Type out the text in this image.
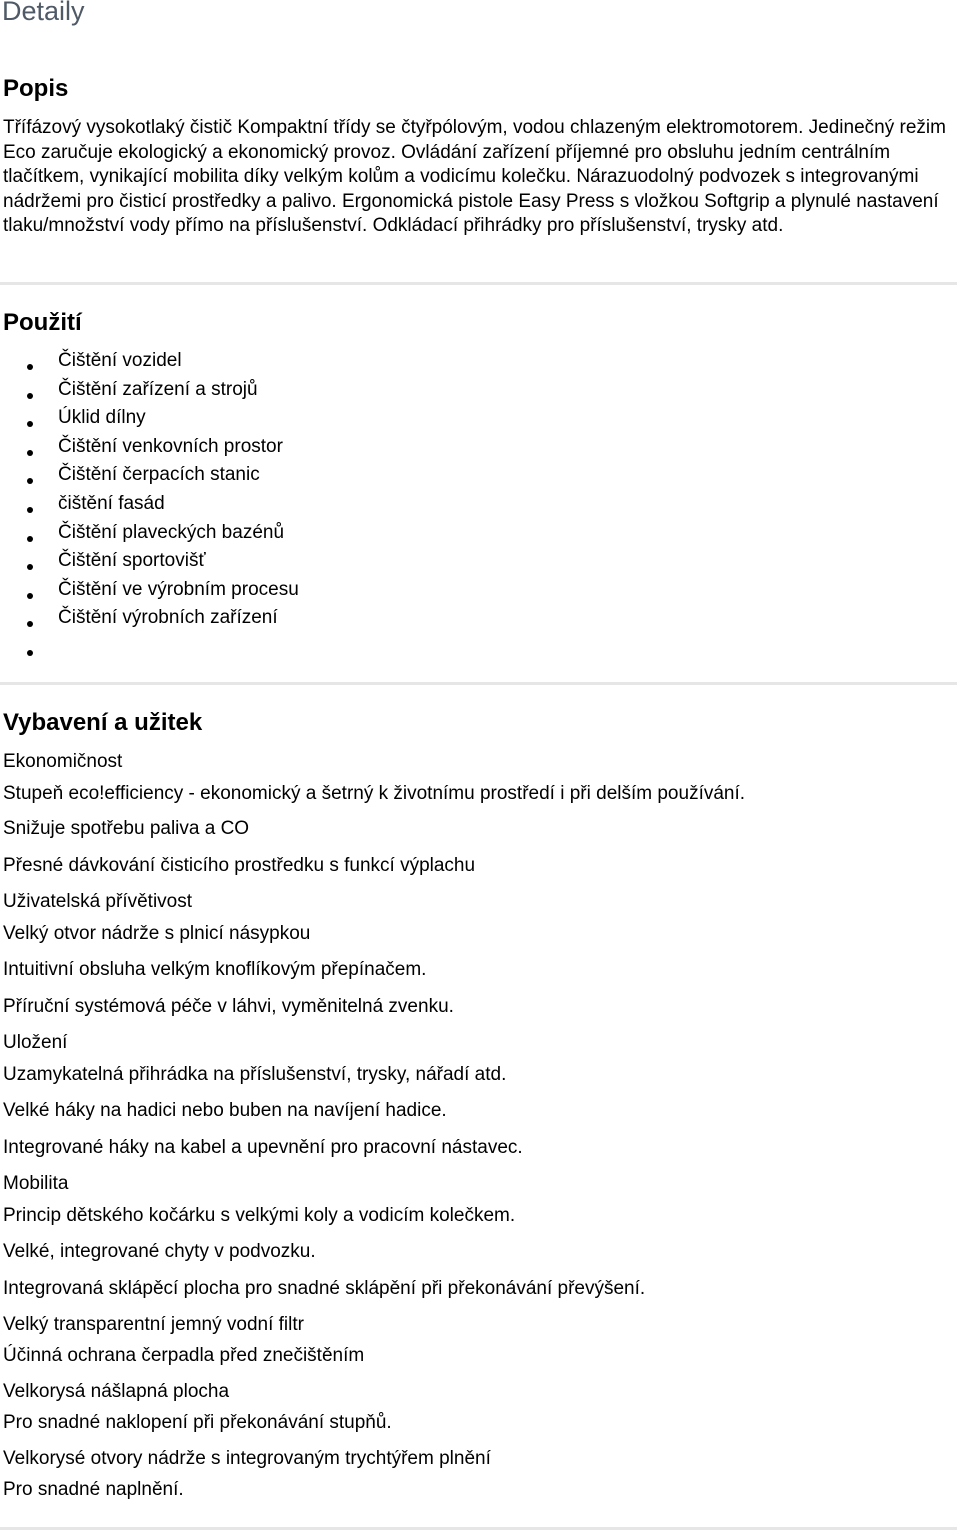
Detaily
Popis

Třífázový vysokotlaký čistič Kompaktní třídy se čtyřpólovým, vodou chlazeným elektromotorem. Jedinečný režim Eco zaručuje ekologický a ekonomický provoz. Ovládání zařízení příjemné pro obsluhu jedním centrálním tlačítkem, vynikající mobilita díky velkým kolům a vodicímu kolečku. Nárazuodolný podvozek s integrovanými nádržemi pro čisticí prostředky a palivo. Ergonomická pistole Easy Press s vložkou Softgrip a plynulé nastavení tlaku/množství vody přímo na příslušenství. Odkládací přihrádky pro příslušenství, trysky atd.

Použití
Čištění vozidel
Čištění zařízení a strojů
Úklid dílny
Čištění venkovních prostor
Čištění čerpacích stanic
čištění fasád
Čištění plaveckých bazénů
Čištění sportovišť
Čištění ve výrobním procesu
Čištění výrobních zařízení
Vybavení a užitek
Ekonomičnost
Stupeň eco!efficiency - ekonomický a šetrný k životnímu prostředí i při delším používání.
Snižuje spotřebu paliva a CO
Přesné dávkování čisticího prostředku s funkcí výplachu
Uživatelská přívětivost
Velký otvor nádrže s plnicí násypkou
Intuitivní obsluha velkým knoflíkovým přepínačem.
Příruční systémová péče v láhvi, vyměnitelná zvenku.
Uložení
Uzamykatelná přihrádka na příslušenství, trysky, nářadí atd.
Velké háky na hadici nebo buben na navíjení hadice.
Integrované háky na kabel a upevnění pro pracovní nástavec.
Mobilita
Princip dětského kočárku s velkými koly a vodicím kolečkem.
Velké, integrované chyty v podvozku.
Integrovaná sklápěcí plocha pro snadné sklápění při překonávání převýšení.
Velký transparentní jemný vodní filtr
Účinná ochrana čerpadla před znečištěním
Velkorysá nášlapná plocha
Pro snadné naklopení při překonávání stupňů.
Velkorysé otvory nádrže s integrovaným trychtýřem plnění
Pro snadné naplnění.
